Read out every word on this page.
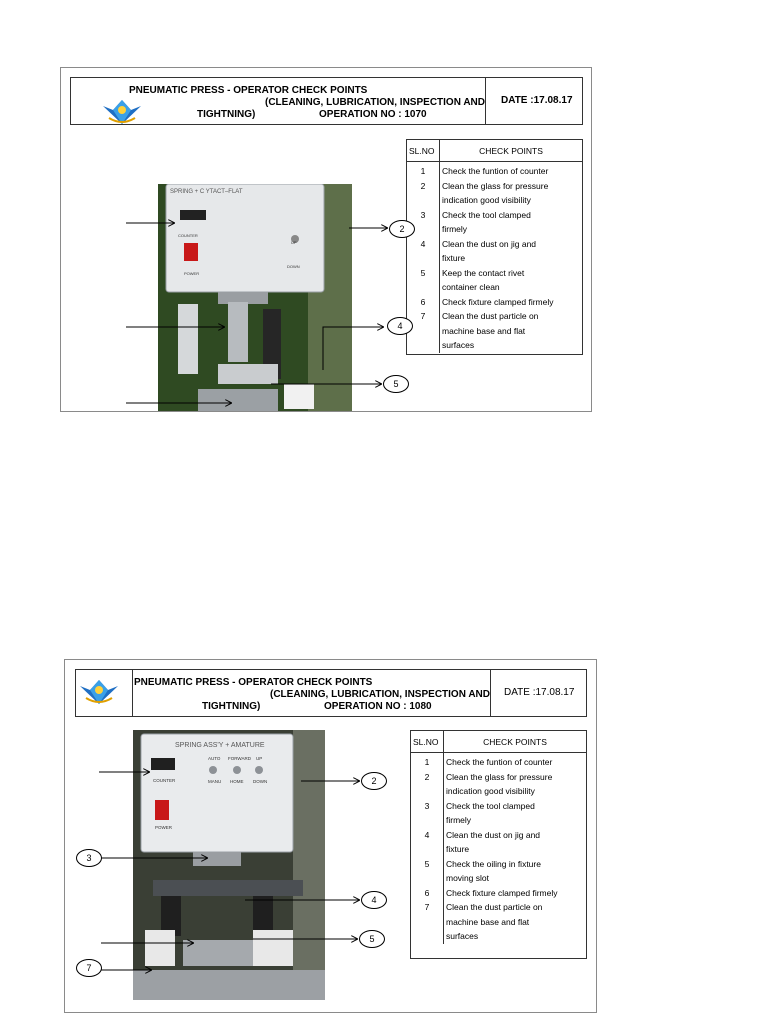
PNEUMATIC PRESS - OPERATOR CHECK POINTS
(CLEANING, LUBRICATION, INSPECTION AND
TIGHTNING)	OPERATION NO : 1070
DATE :17.08.17
SPRING + C YTACT–FLAT
COUNTER
POWER
UP
DOWN
SL.NO	CHECK POINTS
1	Check the funtion of counter
2	Clean the glass for pressure
	indication good visibility
3	Check the tool clamped
	firmely
4	Clean the dust on jig and
	fixture
5	Keep the contact rivet
	container clean
6	Check fixture clamped firmely
7	Clean the dust particle on
	machine base and flat
	surfaces
2
4
5
PNEUMATIC PRESS - OPERATOR CHECK POINTS
(CLEANING, LUBRICATION, INSPECTION AND
TIGHTNING)	OPERATION NO : 1080
DATE :17.08.17
SPRING ASS'Y + AMATURE
COUNTER
POWER
AUTO FORWARD UP
MANU HOME DOWN
SL.NO	CHECK POINTS
1	Check the funtion of counter
2	Clean the glass for pressure
	indication good visibility
3	Check the tool clamped
	firmely
4	Clean the dust on jig and
	fixture
5	Check the oiling in fixture
	moving slot
6	Check fixture clamped firmely
7	Clean the dust particle on
	machine base and flat
	surfaces
2
3
4
5
7
